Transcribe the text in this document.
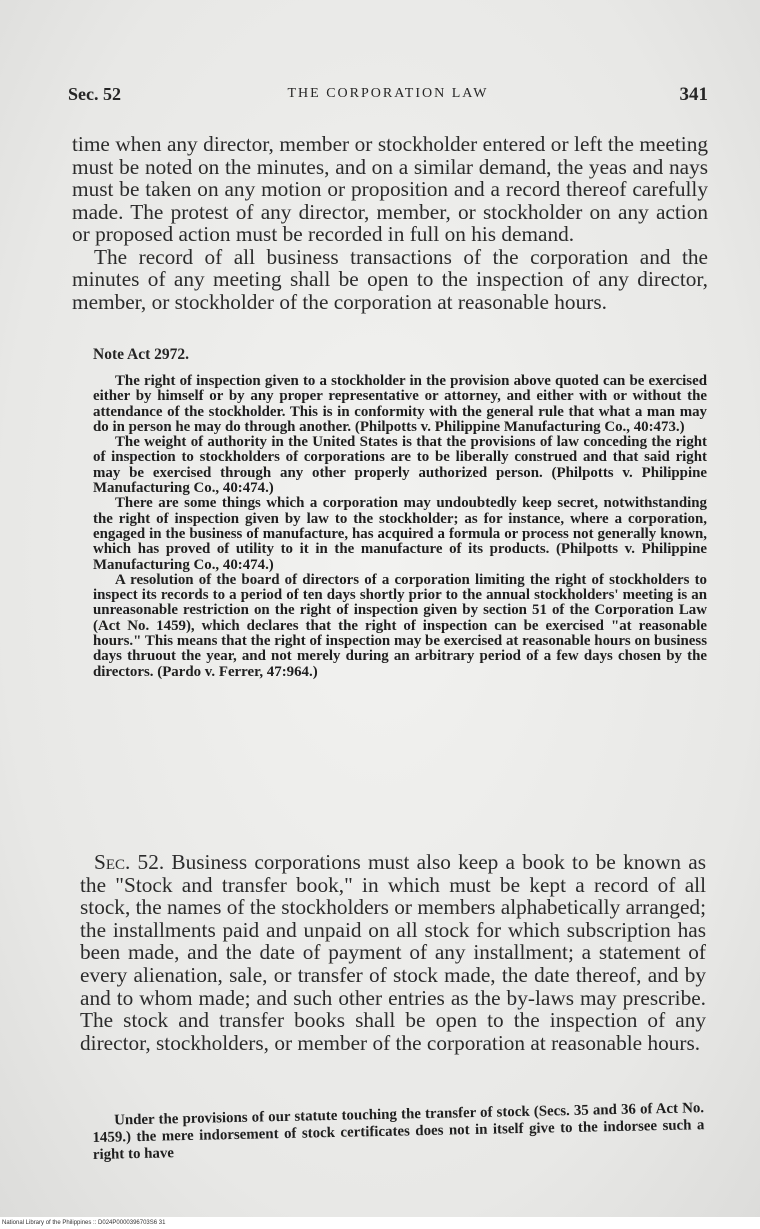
Sec. 52	THE CORPORATION LAW	341

time when any director, member or stockholder entered or left the meeting must be noted on the minutes, and on a similar demand, the yeas and nays must be taken on any motion or proposition and a record thereof carefully made. The protest of any director, member, or stockholder on any action or proposed action must be recorded in full on his demand.

The record of all business transactions of the corporation and the minutes of any meeting shall be open to the inspection of any director, member, or stockholder of the corporation at reasonable hours.

Note Act 2972.

The right of inspection given to a stockholder in the provision above quoted can be exercised either by himself or by any proper representative or attorney, and either with or without the attendance of the stockholder. This is in conformity with the general rule that what a man may do in person he may do through another. (Philpotts v. Philippine Manufacturing Co., 40:473.)

The weight of authority in the United States is that the provisions of law conceding the right of inspection to stockholders of corporations are to be liberally construed and that said right may be exercised through any other properly authorized person. (Philpotts v. Philippine Manufacturing Co., 40:474.)

There are some things which a corporation may undoubtedly keep secret, notwithstanding the right of inspection given by law to the stockholder; as for instance, where a corporation, engaged in the business of manufacture, has acquired a formula or process not generally known, which has proved of utility to it in the manufacture of its products. (Philpotts v. Philippine Manufacturing Co., 40:474.)

A resolution of the board of directors of a corporation limiting the right of stockholders to inspect its records to a period of ten days shortly prior to the annual stockholders' meeting is an unreasonable restriction on the right of inspection given by section 51 of the Corporation Law (Act No. 1459), which declares that the right of inspection can be exercised "at reasonable hours." This means that the right of inspection may be exercised at reasonable hours on business days thruout the year, and not merely during an arbitrary period of a few days chosen by the directors. (Pardo v. Ferrer, 47:964.)

Sec. 52. Business corporations must also keep a book to be known as the "Stock and transfer book," in which must be kept a record of all stock, the names of the stockholders or members alphabetically arranged; the installments paid and unpaid on all stock for which subscription has been made, and the date of payment of any installment; a statement of every alienation, sale, or transfer of stock made, the date thereof, and by and to whom made; and such other entries as the by-laws may prescribe. The stock and transfer books shall be open to the inspection of any director, stockholders, or member of the corporation at reasonable hours.

Under the provisions of our statute touching the transfer of stock (Secs. 35 and 36 of Act No. 1459.) the mere indorsement of stock certificates does not in itself give to the indorsee such a right to have

National Library of the Philippines :: D024P0000396703S6 31
